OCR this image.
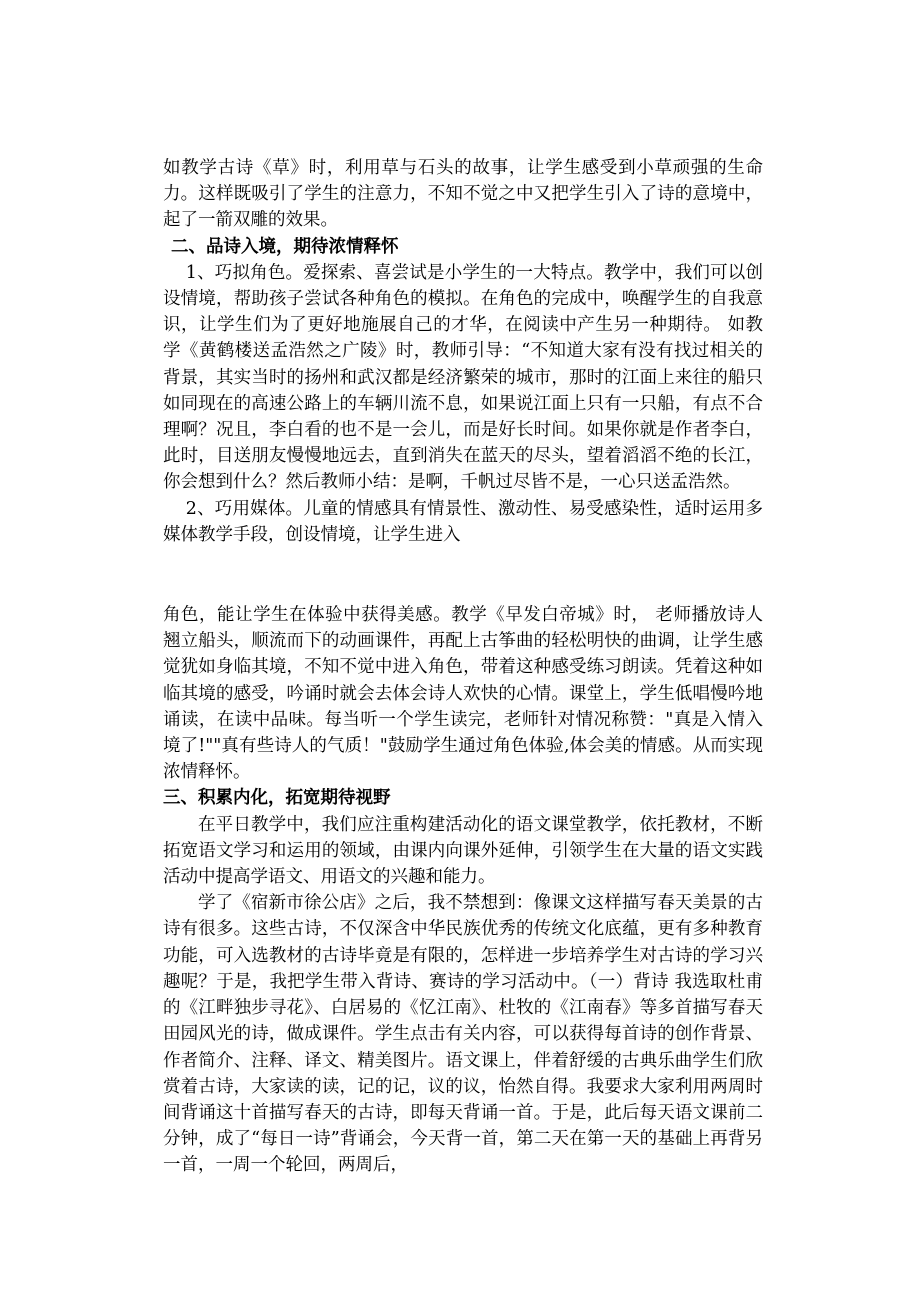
如教学古诗《草》时，利用草与石头的故事，让学生感受到小草顽强的生命力。这样既吸引了学生的注意力，不知不觉之中又把学生引入了诗的意境中，起了一箭双雕的效果。

二、品诗入境，期待浓情释怀

1、巧拟角色。爱探索、喜尝试是小学生的一大特点。教学中，我们可以创设情境，帮助孩子尝试各种角色的模拟。在角色的完成中，唤醒学生的自我意识，让学生们为了更好地施展自己的才华，在阅读中产生另一种期待。 如教学《黄鹤楼送孟浩然之广陵》时，教师引导：“不知道大家有没有找过相关的背景，其实当时的扬州和武汉都是经济繁荣的城市，那时的江面上来往的船只如同现在的高速公路上的车辆川流不息，如果说江面上只有一只船，有点不合理啊？况且，李白看的也不是一会儿，而是好长时间。如果你就是作者李白，此时，目送朋友慢慢地远去，直到消失在蓝天的尽头，望着滔滔不绝的长江，你会想到什么？然后教师小结：是啊，千帆过尽皆不是，一心只送孟浩然。

2、巧用媒体。儿童的情感具有情景性、激动性、易受感染性，适时运用多媒体教学手段，创设情境，让学生进入

角色，能让学生在体验中获得美感。教学《早发白帝城》时， 老师播放诗人翘立船头，顺流而下的动画课件，再配上古筝曲的轻松明快的曲调，让学生感觉犹如身临其境，不知不觉中进入角色，带着这种感受练习朗读。凭着这种如临其境的感受，吟诵时就会去体会诗人欢快的心情。课堂上，学生低唱慢吟地诵读，在读中品味。每当听一个学生读完，老师针对情况称赞："真是入情入境了!""真有些诗人的气质！"鼓励学生通过角色体验,体会美的情感。从而实现浓情释怀。

三、积累内化，拓宽期待视野

在平日教学中，我们应注重构建活动化的语文课堂教学，依托教材，不断拓宽语文学习和运用的领域，由课内向课外延伸，引领学生在大量的语文实践活动中提高学语文、用语文的兴趣和能力。

学了《宿新市徐公店》之后，我不禁想到：像课文这样描写春天美景的古诗有很多。这些古诗，不仅深含中华民族优秀的传统文化底蕴，更有多种教育功能，可入选教材的古诗毕竟是有限的，怎样进一步培养学生对古诗的学习兴趣呢？于是，我把学生带入背诗、赛诗的学习活动中。（一）背诗 我选取杜甫的《江畔独步寻花》、白居易的《忆江南》、杜牧的《江南春》等多首描写春天田园风光的诗，做成课件。学生点击有关内容，可以获得每首诗的创作背景、作者简介、注释、译文、精美图片。语文课上，伴着舒缓的古典乐曲学生们欣赏着古诗，大家读的读，记的记，议的议，怡然自得。我要求大家利用两周时间背诵这十首描写春天的古诗，即每天背诵一首。于是，此后每天语文课前二分钟，成了“每日一诗”背诵会，今天背一首，第二天在第一天的基础上再背另一首，一周一个轮回，两周后，
